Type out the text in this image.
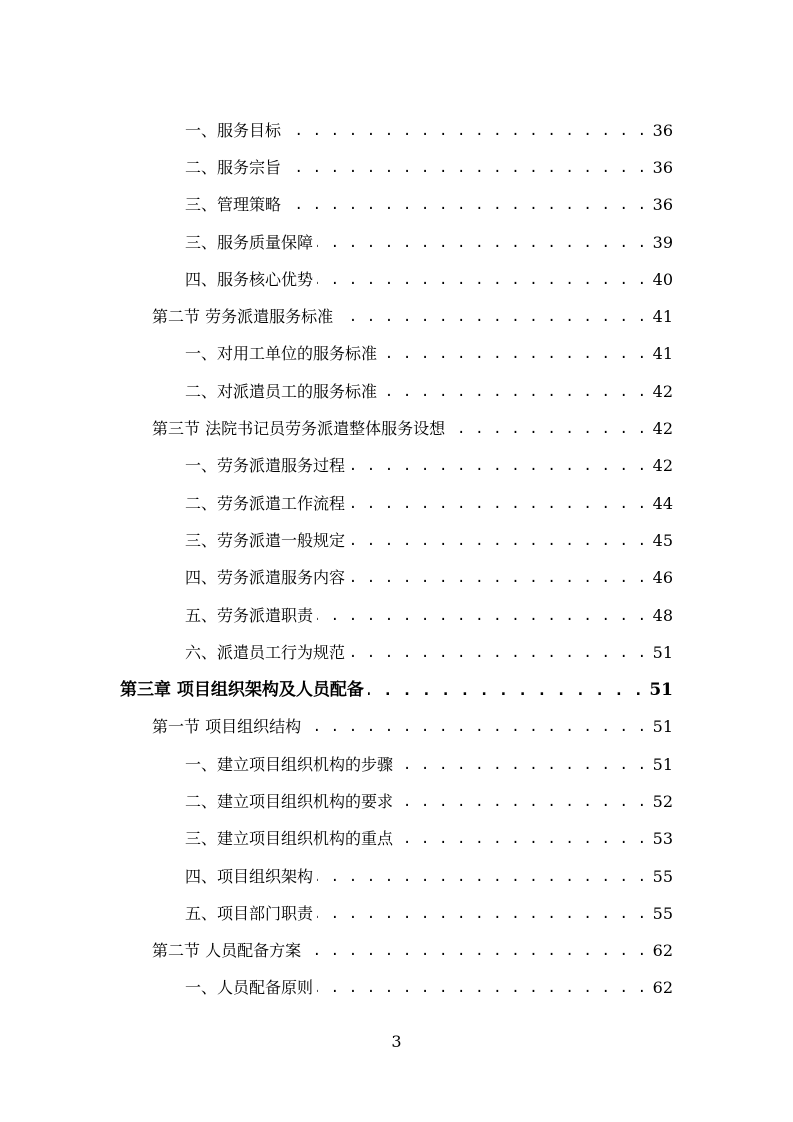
一、服务目标 . . .	36
二、服务宗旨 . . .	36
三、管理策略 . . .	36
三、服务质量保障 . . .	39
四、服务核心优势 . . .	40
第二节 劳务派遣服务标准 . . .	41
一、对用工单位的服务标准 . . .	41
二、对派遣员工的服务标准 . . .	42
第三节 法院书记员劳务派遣整体服务设想 . . .	42
一、劳务派遣服务过程 . . .	42
二、劳务派遣工作流程 . . .	44
三、劳务派遣一般规定 . . .	45
四、劳务派遣服务内容 . . .	46
五、劳务派遣职责 . . .	48
六、派遣员工行为规范 . . .	51
第三章 项目组织架构及人员配备 . . .	51
第一节 项目组织结构 . . .	51
一、建立项目组织机构的步骤 . . .	51
二、建立项目组织机构的要求 . . .	52
三、建立项目组织机构的重点 . . .	53
四、项目组织架构 . . .	55
五、项目部门职责 . . .	55
第二节 人员配备方案 . . .	62
一、人员配备原则 . . .	62
3
